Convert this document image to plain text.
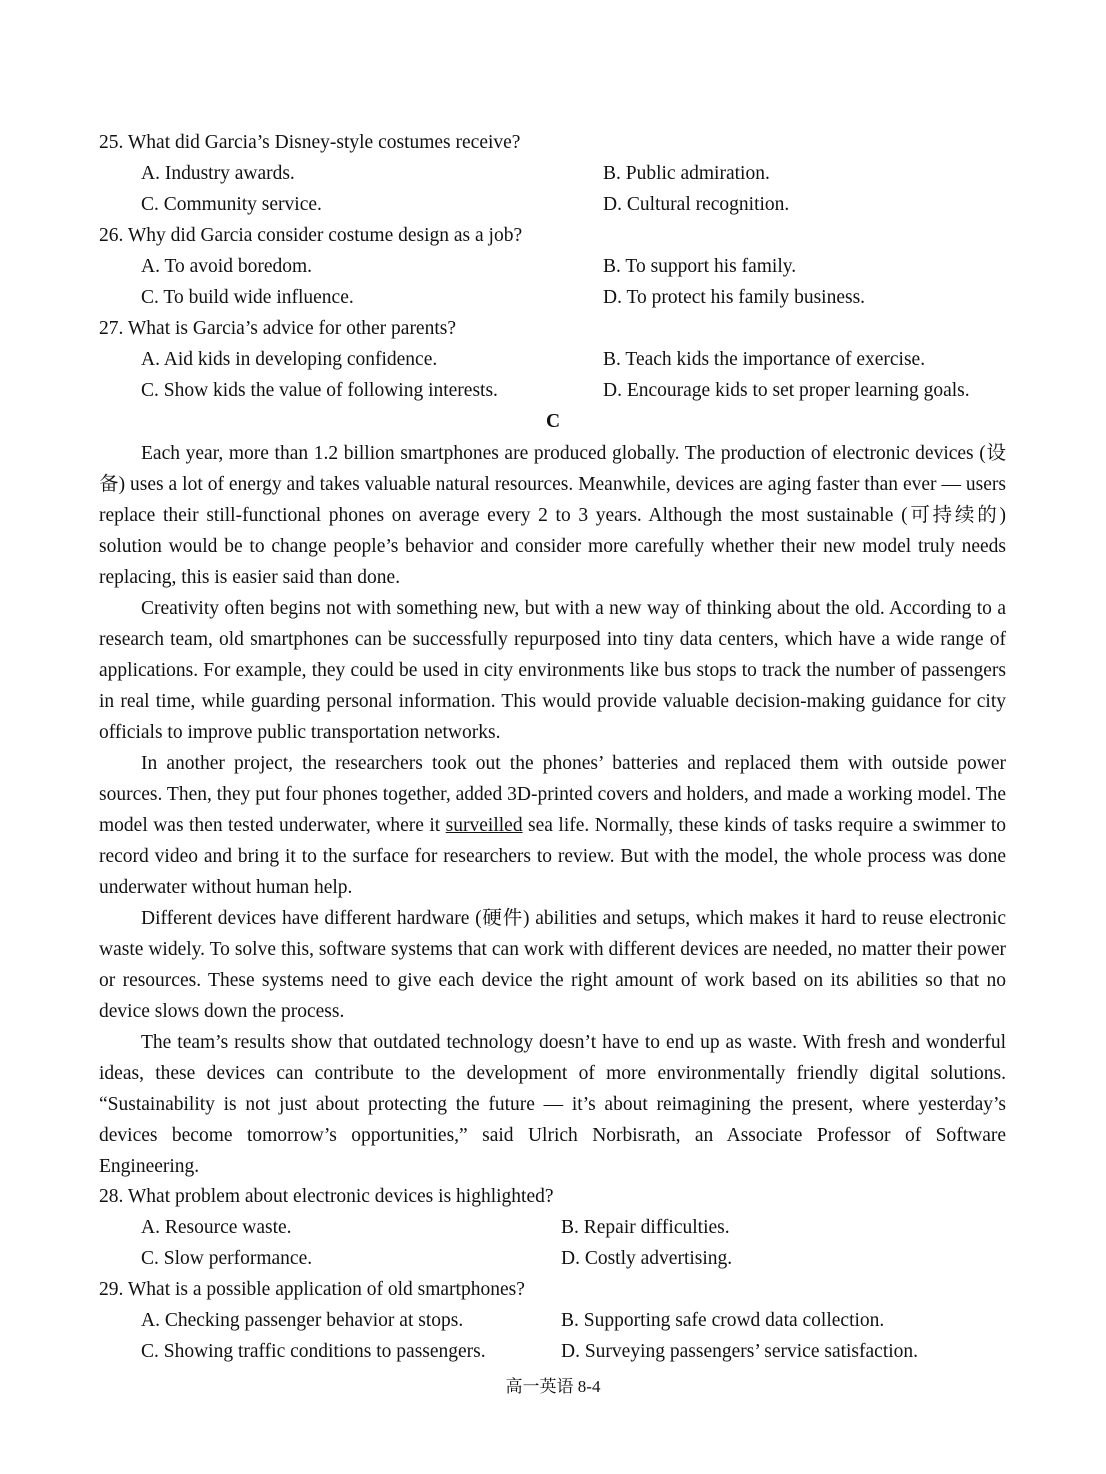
25. What did Garcia’s Disney-style costumes receive?
A. Industry awards.	B. Public admiration.
C. Community service.	D. Cultural recognition.
26. Why did Garcia consider costume design as a job?
A. To avoid boredom.	B. To support his family.
C. To build wide influence.	D. To protect his family business.
27. What is Garcia’s advice for other parents?
A. Aid kids in developing confidence.	B. Teach kids the importance of exercise.
C. Show kids the value of following interests.	D. Encourage kids to set proper learning goals.
C
Each year, more than 1.2 billion smartphones are produced globally. The production of electronic devices (设备) uses a lot of energy and takes valuable natural resources. Meanwhile, devices are aging faster than ever — users replace their still-functional phones on average every 2 to 3 years. Although the most sustainable (可持续的) solution would be to change people’s behavior and consider more carefully whether their new model truly needs replacing, this is easier said than done.
Creativity often begins not with something new, but with a new way of thinking about the old. According to a research team, old smartphones can be successfully repurposed into tiny data centers, which have a wide range of applications. For example, they could be used in city environments like bus stops to track the number of passengers in real time, while guarding personal information. This would provide valuable decision-making guidance for city officials to improve public transportation networks.
In another project, the researchers took out the phones’ batteries and replaced them with outside power sources. Then, they put four phones together, added 3D-printed covers and holders, and made a working model. The model was then tested underwater, where it surveilled sea life. Normally, these kinds of tasks require a swimmer to record video and bring it to the surface for researchers to review. But with the model, the whole process was done underwater without human help.
Different devices have different hardware (硬件) abilities and setups, which makes it hard to reuse electronic waste widely. To solve this, software systems that can work with different devices are needed, no matter their power or resources. These systems need to give each device the right amount of work based on its abilities so that no device slows down the process.
The team’s results show that outdated technology doesn’t have to end up as waste. With fresh and wonderful ideas, these devices can contribute to the development of more environmentally friendly digital solutions. “Sustainability is not just about protecting the future — it’s about reimagining the present, where yesterday’s devices become tomorrow’s opportunities,” said Ulrich Norbisrath, an Associate Professor of Software Engineering.
28. What problem about electronic devices is highlighted?
A. Resource waste.	B. Repair difficulties.
C. Slow performance.	D. Costly advertising.
29. What is a possible application of old smartphones?
A. Checking passenger behavior at stops.	B. Supporting safe crowd data collection.
C. Showing traffic conditions to passengers.	D. Surveying passengers’ service satisfaction.
高一英语 8-4
